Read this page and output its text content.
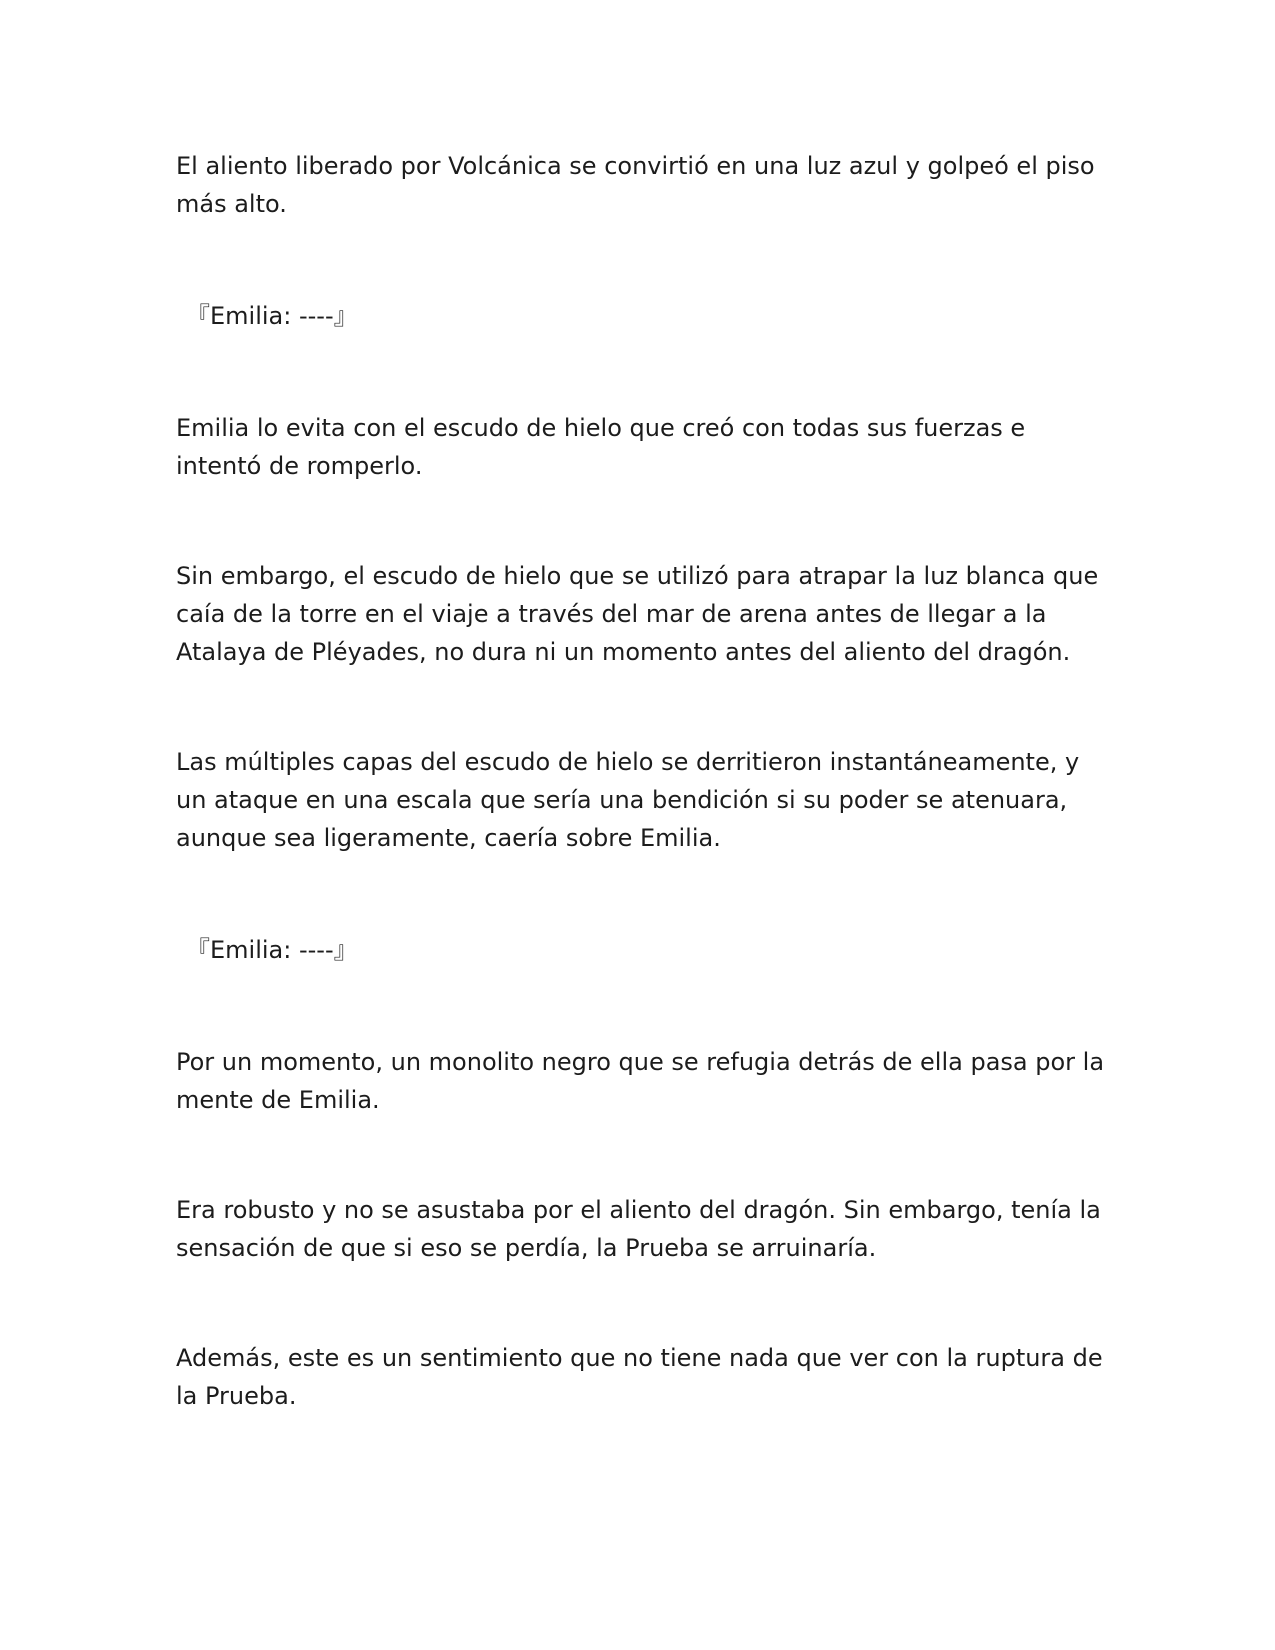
El aliento liberado por Volcánica se convirtió en una luz azul y golpeó el piso más alto.

『Emilia: ----』

Emilia lo evita con el escudo de hielo que creó con todas sus fuerzas e intentó de romperlo.

Sin embargo, el escudo de hielo que se utilizó para atrapar la luz blanca que caía de la torre en el viaje a través del mar de arena antes de llegar a la Atalaya de Pléyades, no dura ni un momento antes del aliento del dragón.

Las múltiples capas del escudo de hielo se derritieron instantáneamente, y un ataque en una escala que sería una bendición si su poder se atenuara, aunque sea ligeramente, caería sobre Emilia.

『Emilia: ----』

Por un momento, un monolito negro que se refugia detrás de ella pasa por la mente de Emilia.

Era robusto y no se asustaba por el aliento del dragón. Sin embargo, tenía la sensación de que si eso se perdía, la Prueba se arruinaría.

Además, este es un sentimiento que no tiene nada que ver con la ruptura de la Prueba.
